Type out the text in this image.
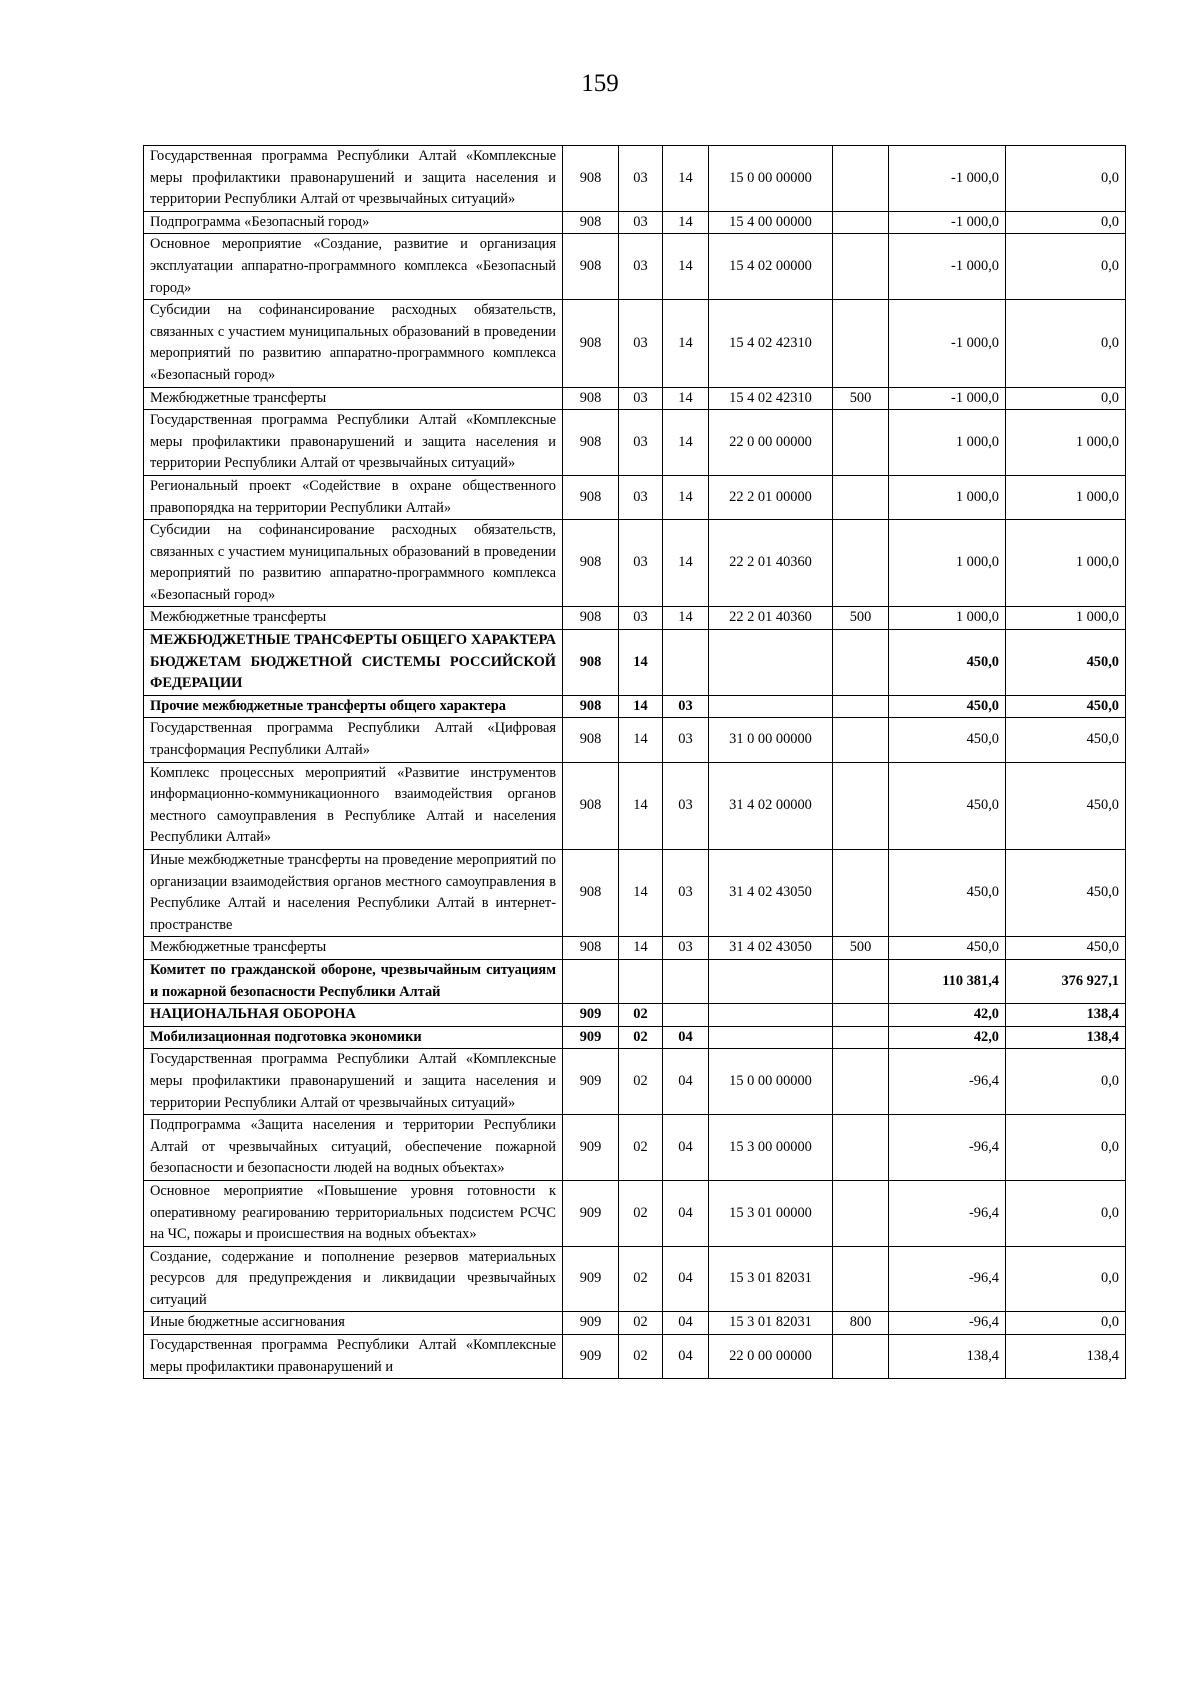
159
Государственная программа Республики Алтай «Комплексные меры профилактики правонарушений и защита населения и территории Республики Алтай от чрезвычайных ситуаций»	908	03	14	15 0 00 00000		-1 000,0	0,0
Подпрограмма «Безопасный город»	908	03	14	15 4 00 00000		-1 000,0	0,0
Основное мероприятие «Создание, развитие и организация эксплуатации аппаратно-программного комплекса «Безопасный город»	908	03	14	15 4 02 00000		-1 000,0	0,0
Субсидии на софинансирование расходных обязательств, связанных с участием муниципальных образований в проведении мероприятий по развитию аппаратно-программного комплекса «Безопасный город»	908	03	14	15 4 02 42310		-1 000,0	0,0
Межбюджетные трансферты	908	03	14	15 4 02 42310	500	-1 000,0	0,0
Государственная программа Республики Алтай «Комплексные меры профилактики правонарушений и защита населения и территории Республики Алтай от чрезвычайных ситуаций»	908	03	14	22 0 00 00000		1 000,0	1 000,0
Региональный проект «Содействие в охране общественного правопорядка на территории Республики Алтай»	908	03	14	22 2 01 00000		1 000,0	1 000,0
Субсидии на софинансирование расходных обязательств, связанных с участием муниципальных образований в проведении мероприятий по развитию аппаратно-программного комплекса «Безопасный город»	908	03	14	22 2 01 40360		1 000,0	1 000,0
Межбюджетные трансферты	908	03	14	22 2 01 40360	500	1 000,0	1 000,0
МЕЖБЮДЖЕТНЫЕ ТРАНСФЕРТЫ ОБЩЕГО ХАРАКТЕРА БЮДЖЕТАМ БЮДЖЕТНОЙ СИСТЕМЫ РОССИЙСКОЙ ФЕДЕРАЦИИ	908	14				450,0	450,0
Прочие межбюджетные трансферты общего характера	908	14	03			450,0	450,0
Государственная программа Республики Алтай «Цифровая трансформация Республики Алтай»	908	14	03	31 0 00 00000		450,0	450,0
Комплекс процессных мероприятий «Развитие инструментов информационно-коммуникационного взаимодействия органов местного самоуправления в Республике Алтай и населения Республики Алтай»	908	14	03	31 4 02 00000		450,0	450,0
Иные межбюджетные трансферты на проведение мероприятий по организации взаимодействия органов местного самоуправления в Республике Алтай и населения Республики Алтай в интернет-пространстве	908	14	03	31 4 02 43050		450,0	450,0
Межбюджетные трансферты	908	14	03	31 4 02 43050	500	450,0	450,0
Комитет по гражданской обороне, чрезвычайным ситуациям и пожарной безопасности Республики Алтай						110 381,4	376 927,1
НАЦИОНАЛЬНАЯ ОБОРОНА	909	02				42,0	138,4
Мобилизационная подготовка экономики	909	02	04			42,0	138,4
Государственная программа Республики Алтай «Комплексные меры профилактики правонарушений и защита населения и территории Республики Алтай от чрезвычайных ситуаций»	909	02	04	15 0 00 00000		-96,4	0,0
Подпрограмма «Защита населения и территории Республики Алтай от чрезвычайных ситуаций, обеспечение пожарной безопасности и безопасности людей на водных объектах»	909	02	04	15 3 00 00000		-96,4	0,0
Основное мероприятие «Повышение уровня готовности к оперативному реагированию территориальных подсистем РСЧС на ЧС, пожары и происшествия на водных объектах»	909	02	04	15 3 01 00000		-96,4	0,0
Создание, содержание и пополнение резервов материальных ресурсов для предупреждения и ликвидации чрезвычайных ситуаций	909	02	04	15 3 01 82031		-96,4	0,0
Иные бюджетные ассигнования	909	02	04	15 3 01 82031	800	-96,4	0,0
Государственная программа Республики Алтай «Комплексные меры профилактики правонарушений и	909	02	04	22 0 00 00000		138,4	138,4
